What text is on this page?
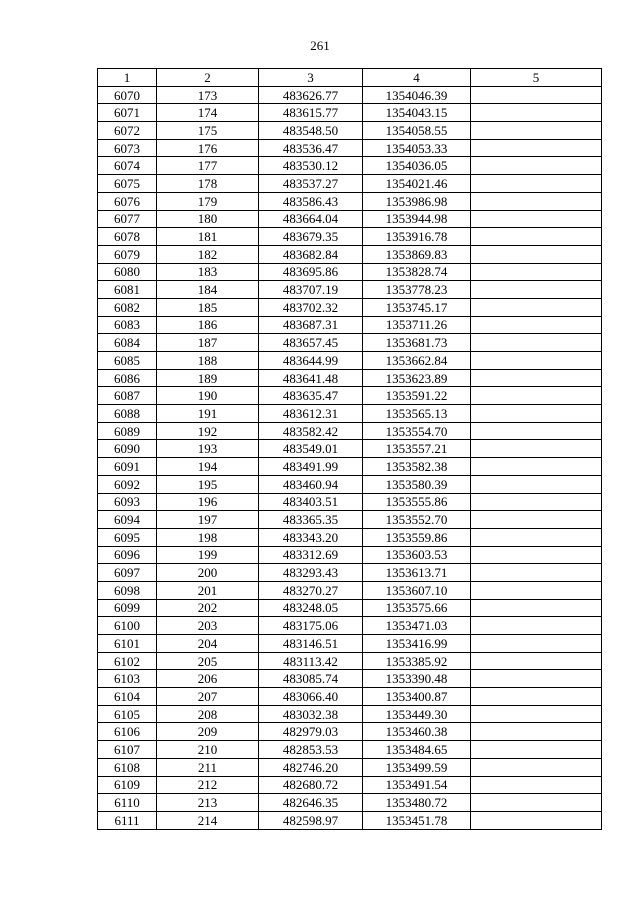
261
1	2	3	4	5
6070	173	483626.77	1354046.39	
6071	174	483615.77	1354043.15	
6072	175	483548.50	1354058.55	
6073	176	483536.47	1354053.33	
6074	177	483530.12	1354036.05	
6075	178	483537.27	1354021.46	
6076	179	483586.43	1353986.98	
6077	180	483664.04	1353944.98	
6078	181	483679.35	1353916.78	
6079	182	483682.84	1353869.83	
6080	183	483695.86	1353828.74	
6081	184	483707.19	1353778.23	
6082	185	483702.32	1353745.17	
6083	186	483687.31	1353711.26	
6084	187	483657.45	1353681.73	
6085	188	483644.99	1353662.84	
6086	189	483641.48	1353623.89	
6087	190	483635.47	1353591.22	
6088	191	483612.31	1353565.13	
6089	192	483582.42	1353554.70	
6090	193	483549.01	1353557.21	
6091	194	483491.99	1353582.38	
6092	195	483460.94	1353580.39	
6093	196	483403.51	1353555.86	
6094	197	483365.35	1353552.70	
6095	198	483343.20	1353559.86	
6096	199	483312.69	1353603.53	
6097	200	483293.43	1353613.71	
6098	201	483270.27	1353607.10	
6099	202	483248.05	1353575.66	
6100	203	483175.06	1353471.03	
6101	204	483146.51	1353416.99	
6102	205	483113.42	1353385.92	
6103	206	483085.74	1353390.48	
6104	207	483066.40	1353400.87	
6105	208	483032.38	1353449.30	
6106	209	482979.03	1353460.38	
6107	210	482853.53	1353484.65	
6108	211	482746.20	1353499.59	
6109	212	482680.72	1353491.54	
6110	213	482646.35	1353480.72	
6111	214	482598.97	1353451.78	
